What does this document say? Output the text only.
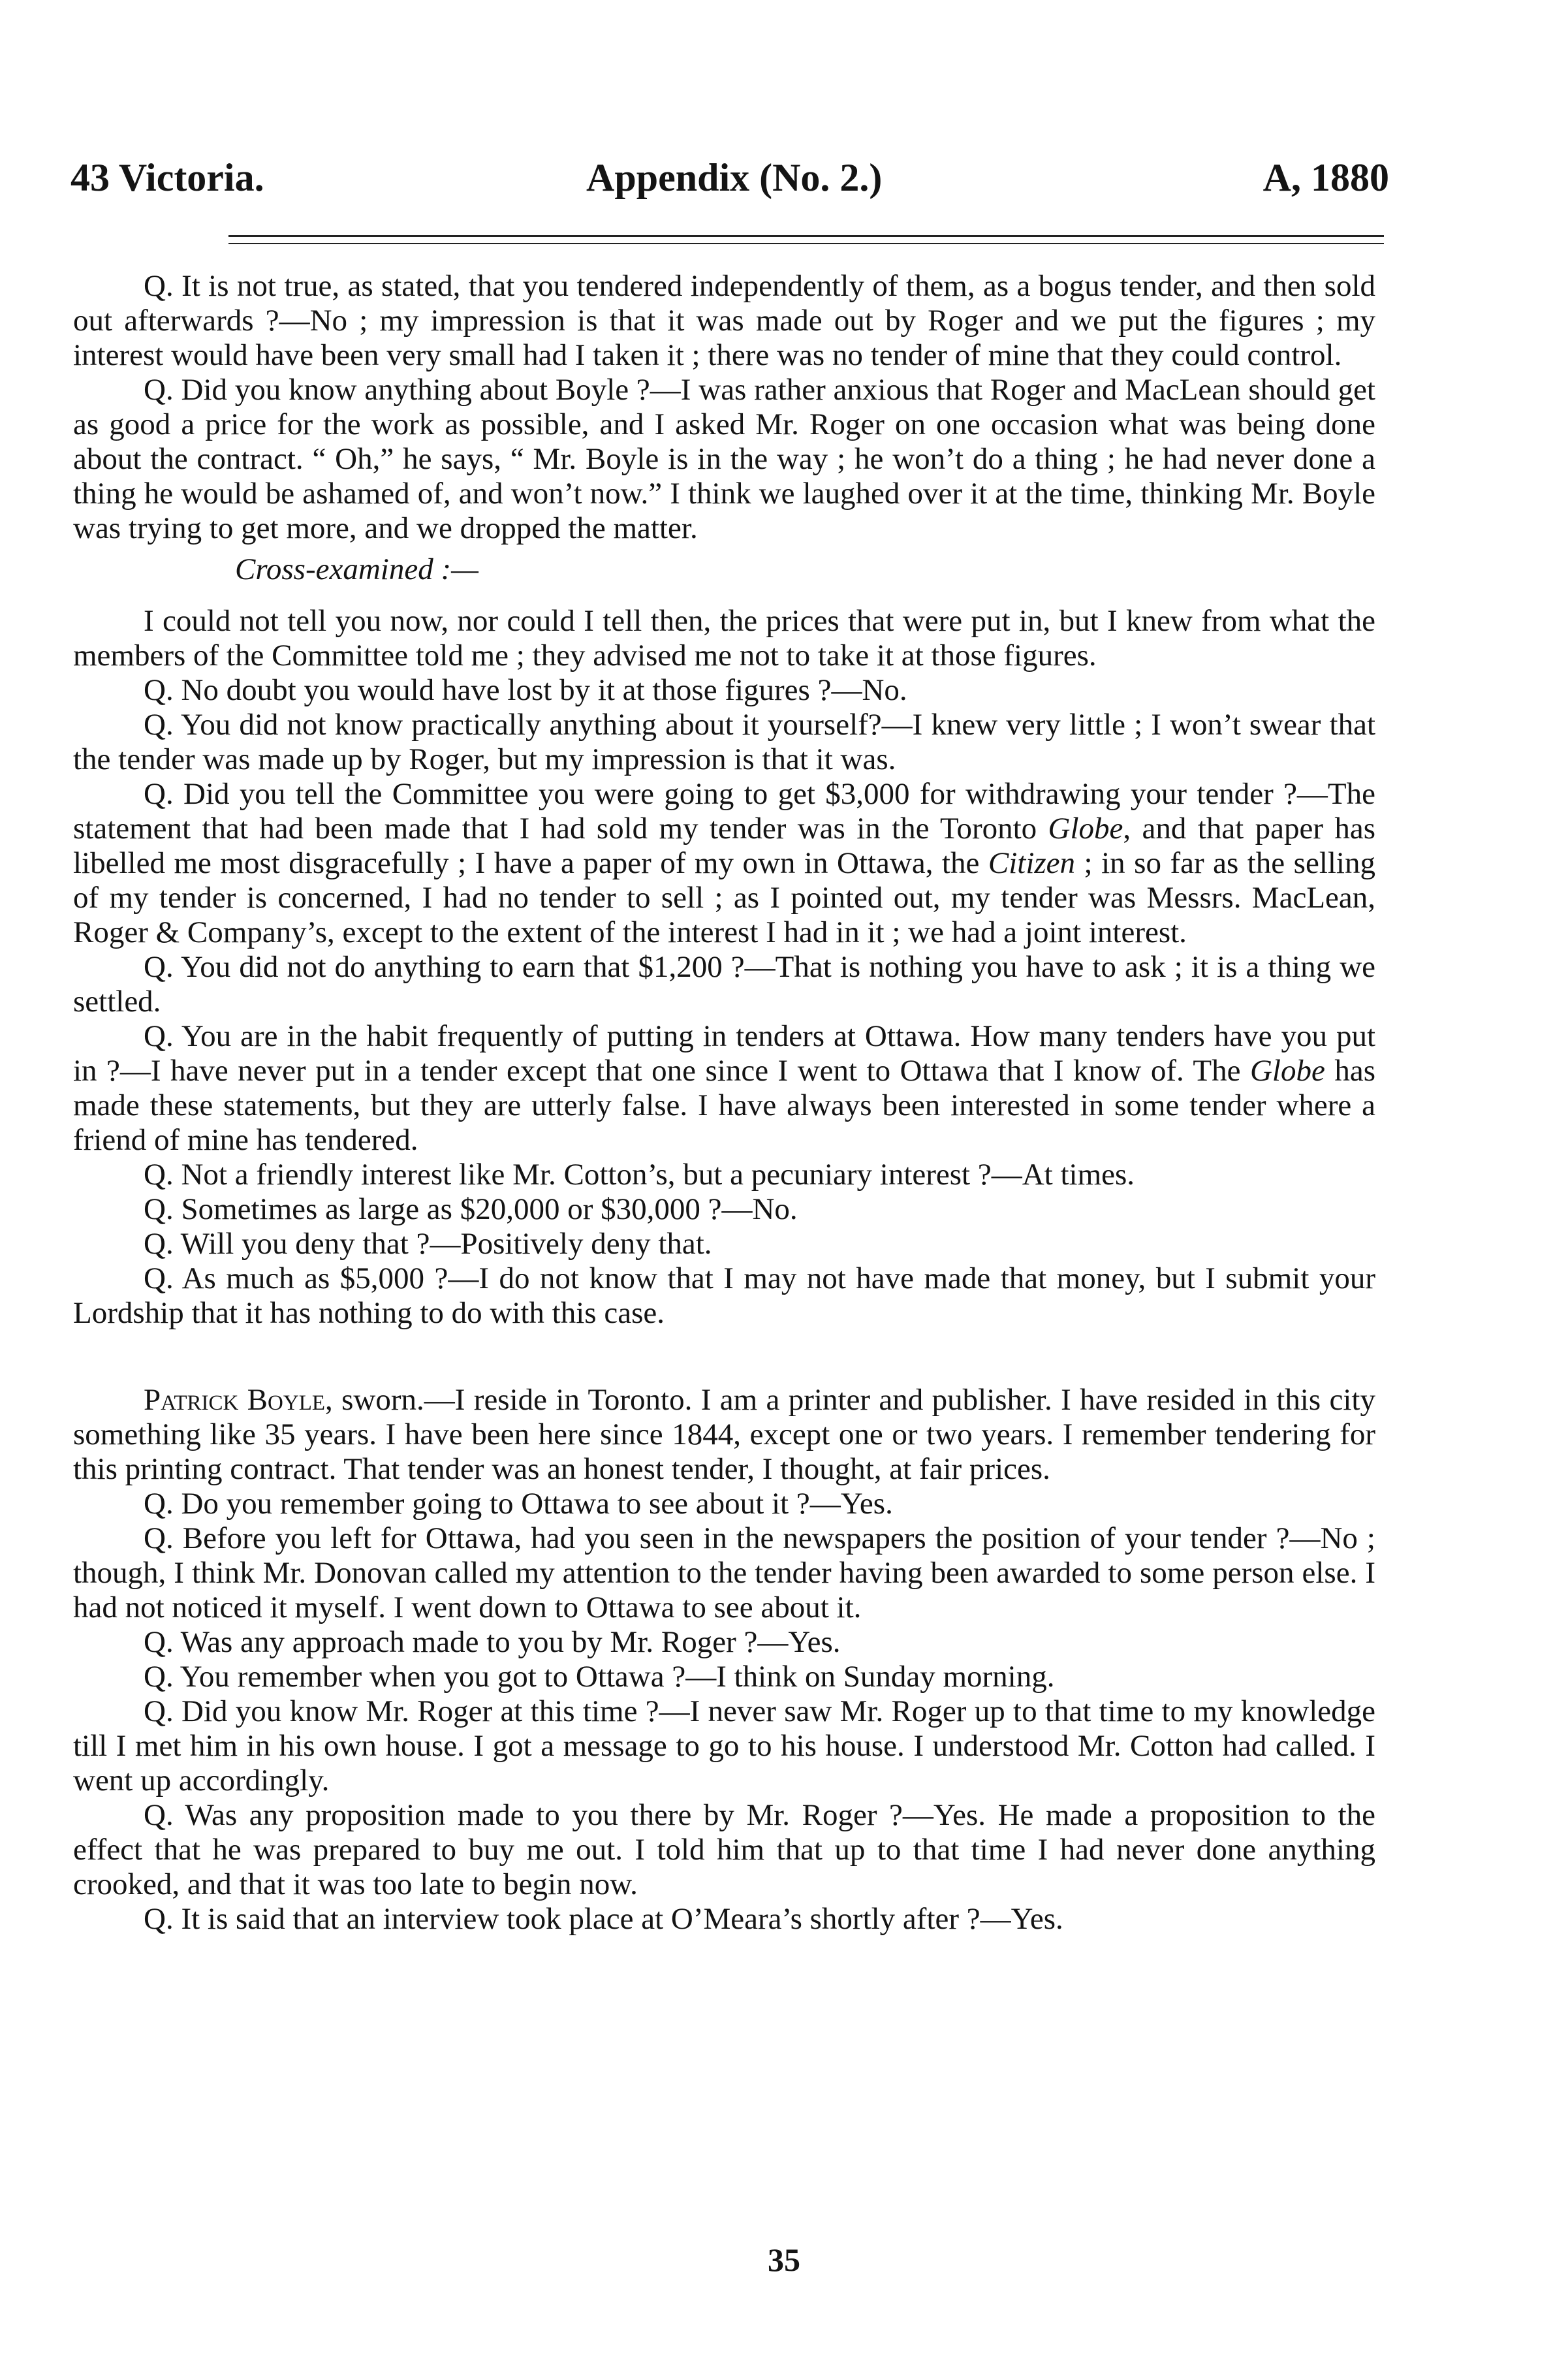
43 Victoria.	Appendix (No. 2.)	A, 1880

Q. It is not true, as stated, that you tendered independently of them, as a bogus tender, and then sold out afterwards ?—No ; my impression is that it was made out by Roger and we put the figures ; my interest would have been very small had I taken it ; there was no tender of mine that they could control.

Q. Did you know anything about Boyle ?—I was rather anxious that Roger and MacLean should get as good a price for the work as possible, and I asked Mr. Roger on one occasion what was being done about the contract. “ Oh,” he says, “ Mr. Boyle is in the way ; he won’t do a thing ; he had never done a thing he would be ashamed of, and won’t now.” I think we laughed over it at the time, thinking Mr. Boyle was trying to get more, and we dropped the matter.

Cross-examined :—

I could not tell you now, nor could I tell then, the prices that were put in, but I knew from what the members of the Committee told me ; they advised me not to take it at those figures.

Q. No doubt you would have lost by it at those figures ?—No.

Q. You did not know practically anything about it yourself?—I knew very little ; I won’t swear that the tender was made up by Roger, but my impression is that it was.

Q. Did you tell the Committee you were going to get $3,000 for withdrawing your tender ?—The statement that had been made that I had sold my tender was in the Toronto Globe, and that paper has libelled me most disgracefully ; I have a paper of my own in Ottawa, the Citizen ; in so far as the selling of my tender is concerned, I had no tender to sell ; as I pointed out, my tender was Messrs. MacLean, Roger & Company’s, except to the extent of the interest I had in it ; we had a joint interest.

Q. You did not do anything to earn that $1,200 ?—That is nothing you have to ask ; it is a thing we settled.

Q. You are in the habit frequently of putting in tenders at Ottawa. How many tenders have you put in ?—I have never put in a tender except that one since I went to Ottawa that I know of. The Globe has made these statements, but they are utterly false. I have always been interested in some tender where a friend of mine has tendered.

Q. Not a friendly interest like Mr. Cotton’s, but a pecuniary interest ?—At times.

Q. Sometimes as large as $20,000 or $30,000 ?—No.

Q. Will you deny that ?—Positively deny that.

Q. As much as $5,000 ?—I do not know that I may not have made that money, but I submit your Lordship that it has nothing to do with this case.

Patrick Boyle, sworn.—I reside in Toronto. I am a printer and publisher. I have resided in this city something like 35 years. I have been here since 1844, except one or two years. I remember tendering for this printing contract. That tender was an honest tender, I thought, at fair prices.

Q. Do you remember going to Ottawa to see about it ?—Yes.

Q. Before you left for Ottawa, had you seen in the newspapers the position of your tender ?—No ; though, I think Mr. Donovan called my attention to the tender having been awarded to some person else. I had not noticed it myself. I went down to Ottawa to see about it.

Q. Was any approach made to you by Mr. Roger ?—Yes.

Q. You remember when you got to Ottawa ?—I think on Sunday morning.

Q. Did you know Mr. Roger at this time ?—I never saw Mr. Roger up to that time to my knowledge till I met him in his own house. I got a message to go to his house. I understood Mr. Cotton had called. I went up accordingly.

Q. Was any proposition made to you there by Mr. Roger ?—Yes. He made a proposition to the effect that he was prepared to buy me out. I told him that up to that time I had never done anything crooked, and that it was too late to begin now.

Q. It is said that an interview took place at O’Meara’s shortly after ?—Yes.

35
